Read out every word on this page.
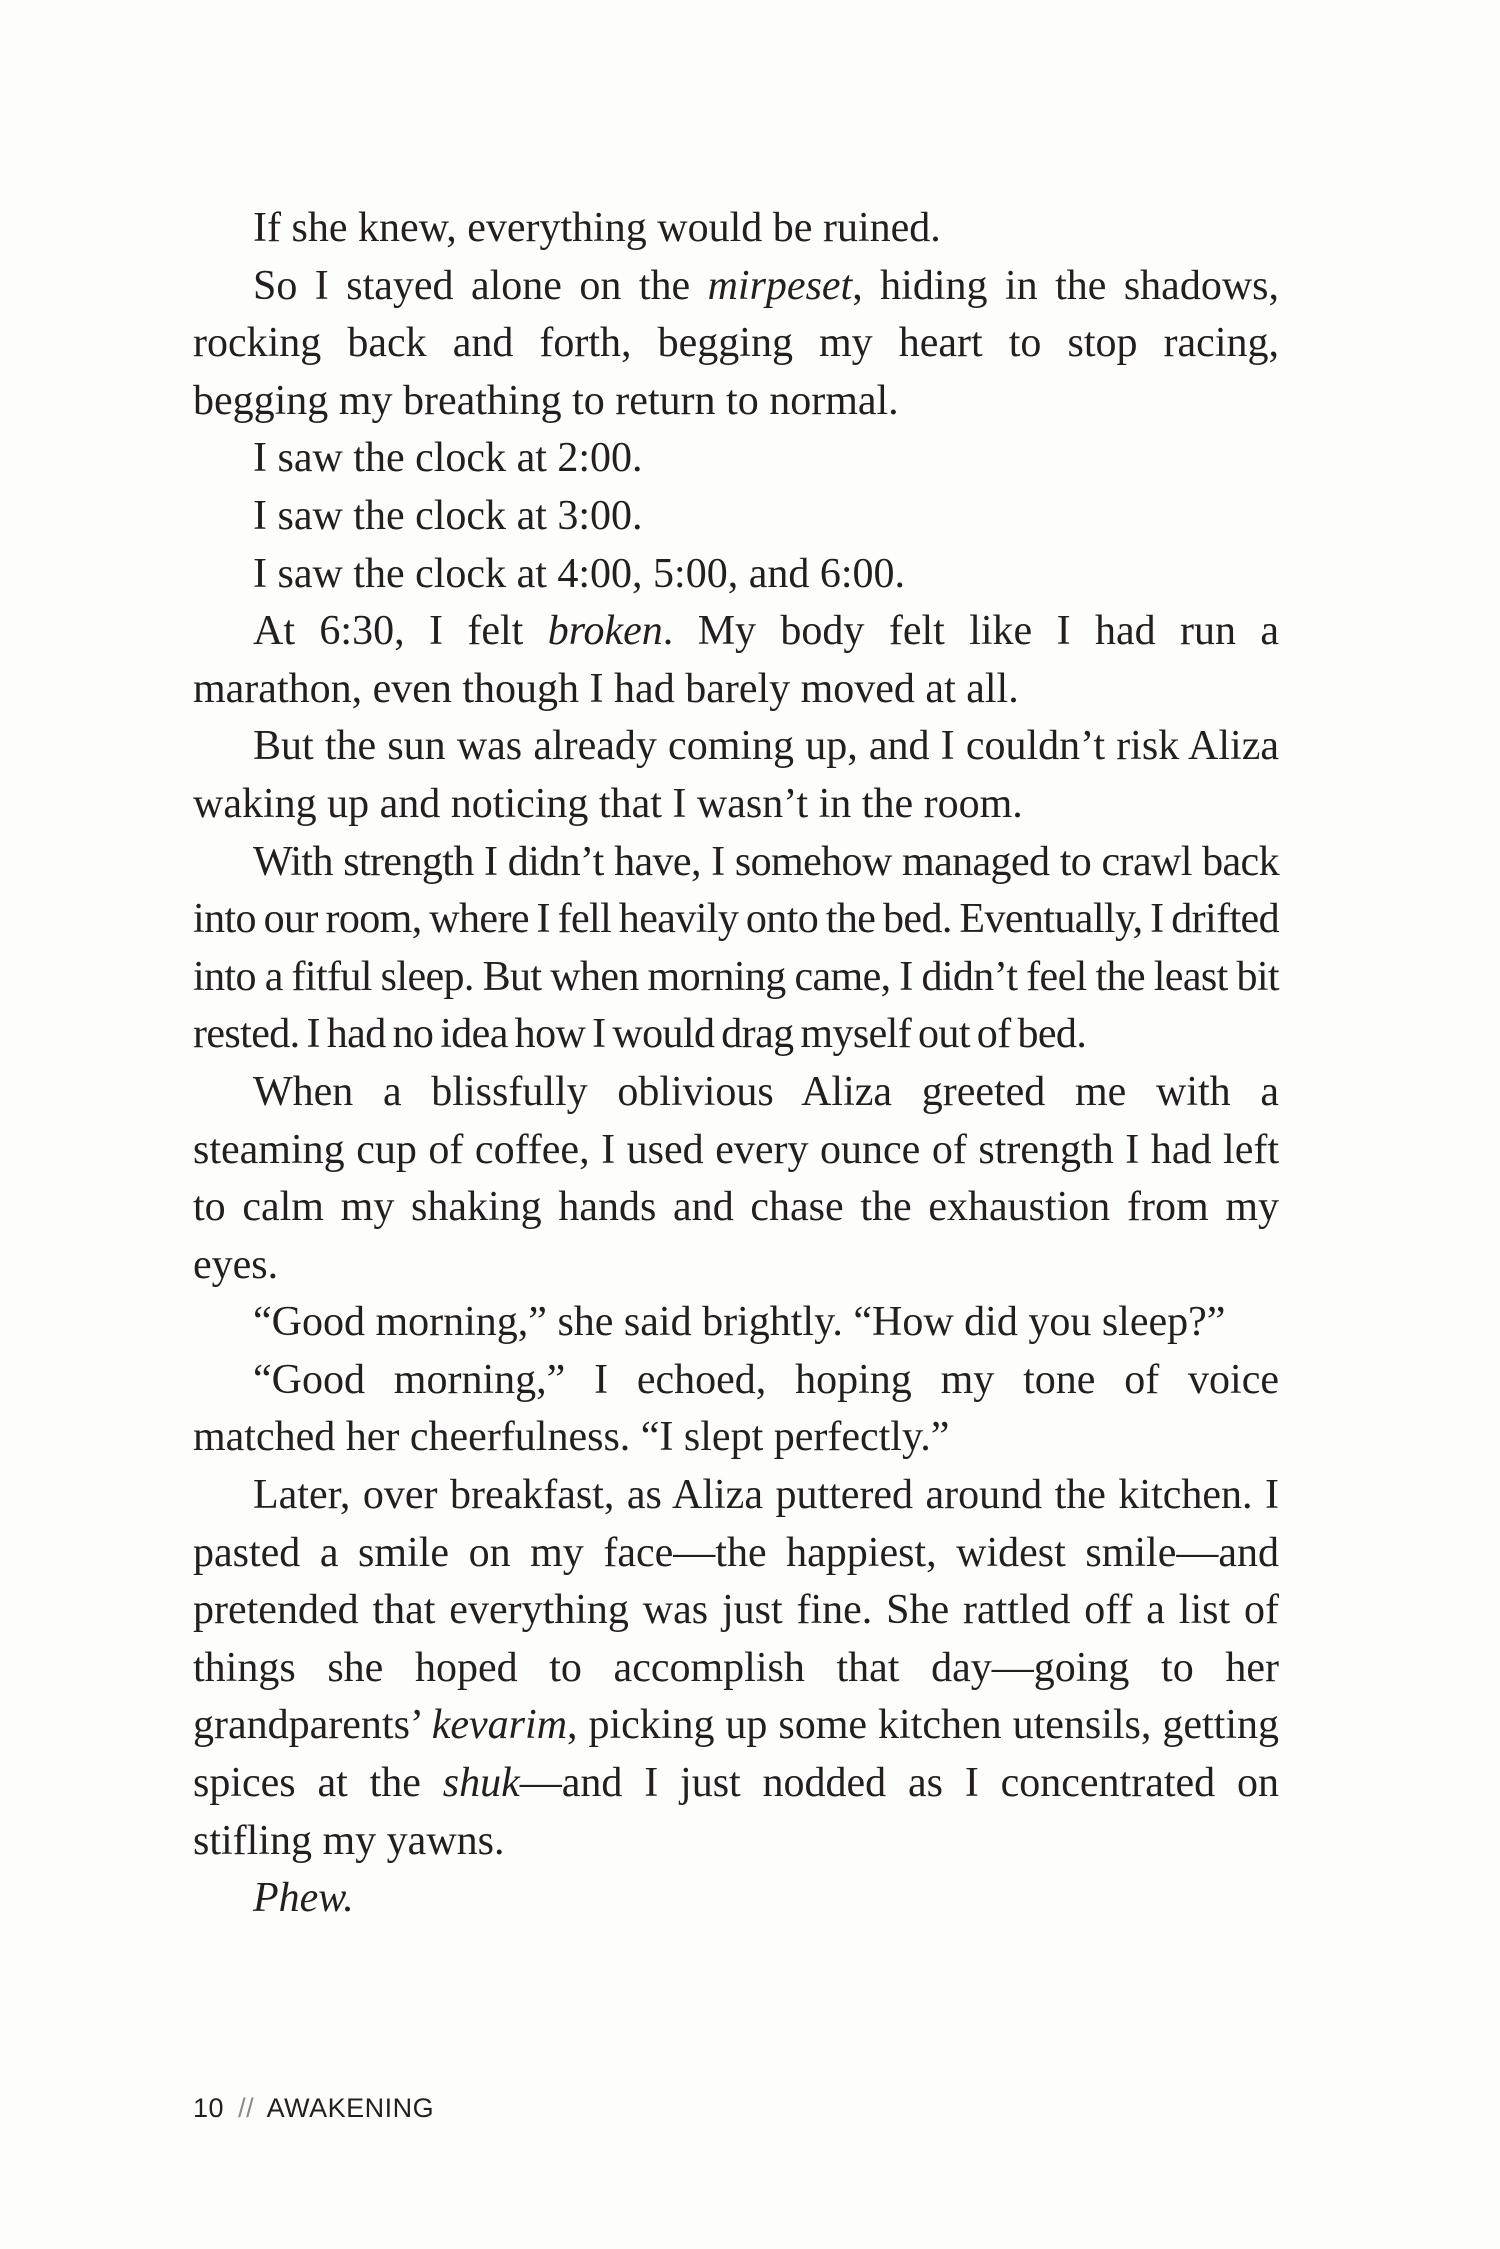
If she knew, everything would be ruined.

So I stayed alone on the mirpeset, hiding in the shadows, rocking back and forth, begging my heart to stop racing, begging my breathing to return to normal.

I saw the clock at 2:00.

I saw the clock at 3:00.

I saw the clock at 4:00, 5:00, and 6:00.

At 6:30, I felt broken. My body felt like I had run a marathon, even though I had barely moved at all.

But the sun was already coming up, and I couldn’t risk Aliza waking up and noticing that I wasn’t in the room.

With strength I didn’t have, I somehow managed to crawl back into our room, where I fell heavily onto the bed. Eventually, I drifted into a fitful sleep. But when morning came, I didn’t feel the least bit rested. I had no idea how I would drag myself out of bed.

When a blissfully oblivious Aliza greeted me with a steaming cup of coffee, I used every ounce of strength I had left to calm my shaking hands and chase the exhaustion from my eyes.

“Good morning,” she said brightly. “How did you sleep?”

“Good morning,” I echoed, hoping my tone of voice matched her cheerfulness. “I slept perfectly.”

Later, over breakfast, as Aliza puttered around the kitchen. I pasted a smile on my face—the happiest, widest smile—and pretended that everything was just fine. She rattled off a list of things she hoped to accomplish that day—going to her grandparents’ kevarim, picking up some kitchen utensils, getting spices at the shuk—and I just nodded as I concentrated on stifling my yawns.

Phew.

10 // AWAKENING
